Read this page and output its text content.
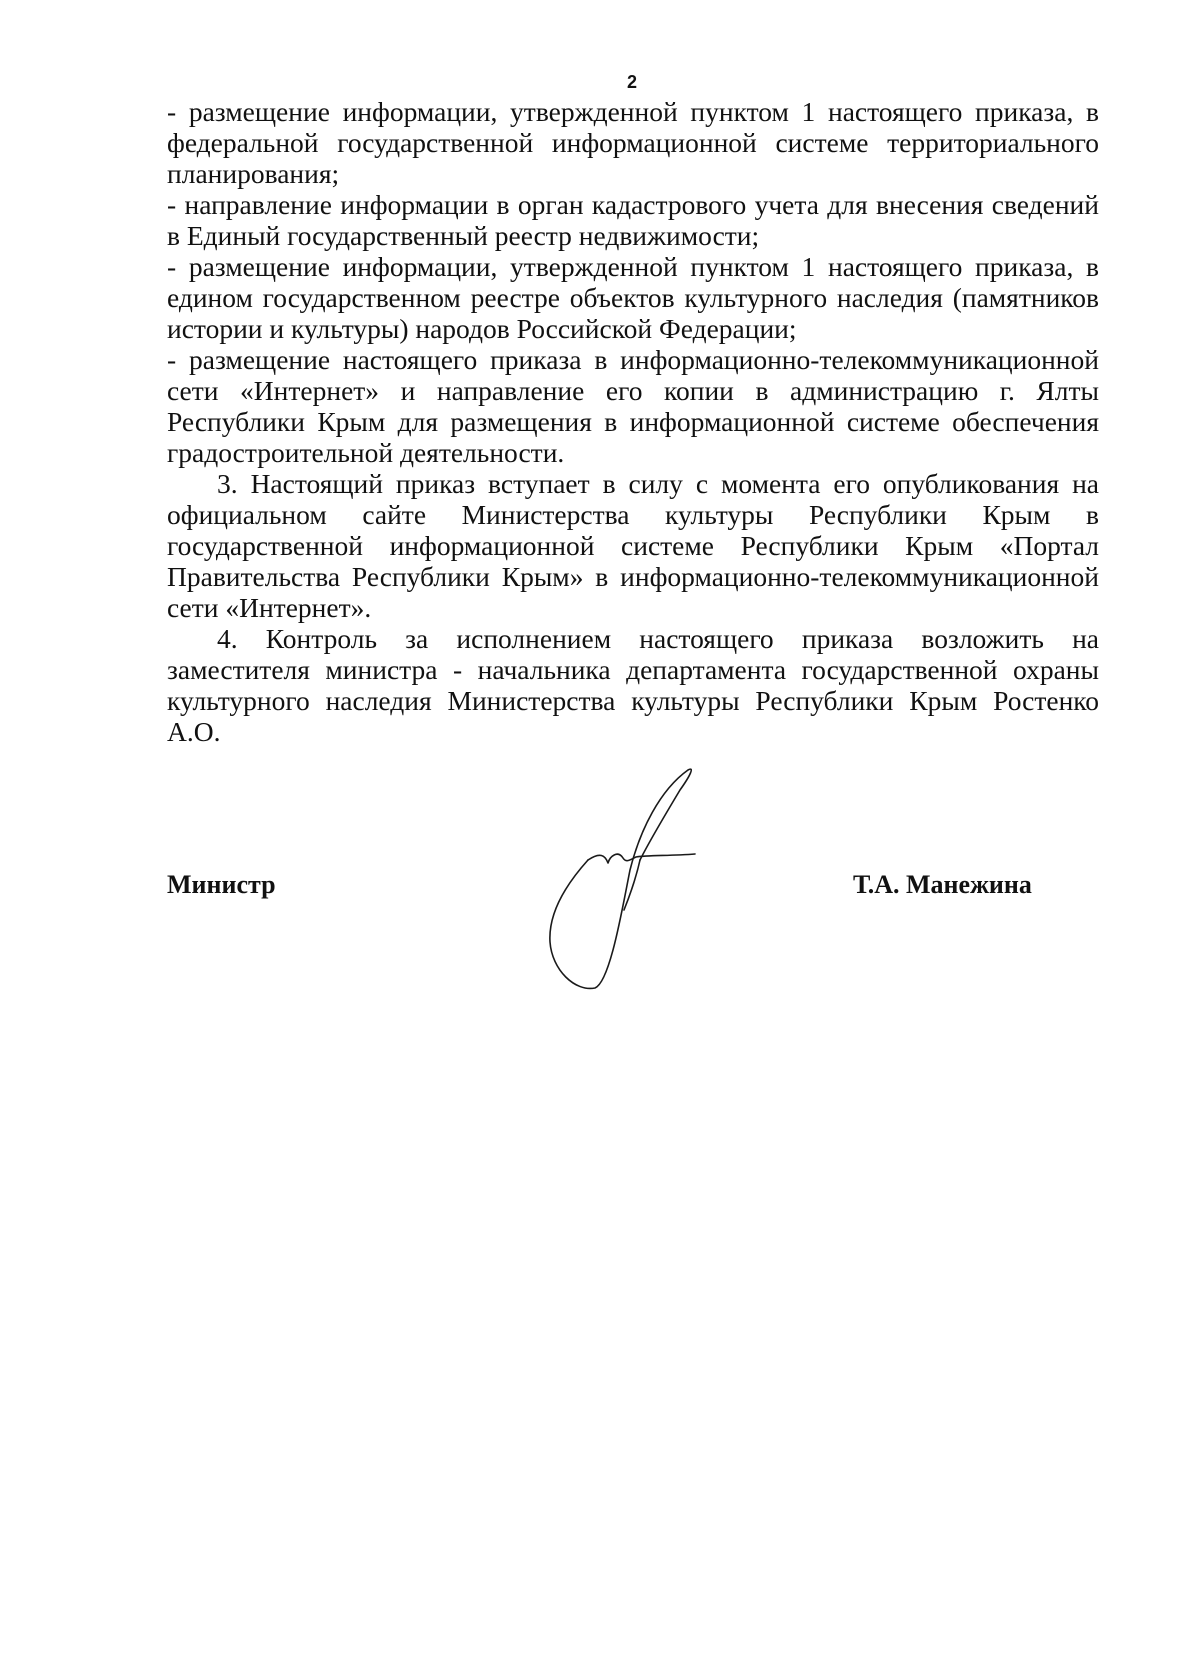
2

- размещение информации, утвержденной пунктом 1 настоящего приказа, в федеральной государственной информационной системе территориального планирования;

- направление информации в орган кадастрового учета для внесения сведений в Единый государственный реестр недвижимости;

- размещение информации, утвержденной пунктом 1 настоящего приказа, в едином государственном реестре объектов культурного наследия (памятников истории и культуры) народов Российской Федерации;

- размещение настоящего приказа в информационно-телекоммуникационной сети «Интернет» и направление его копии в администрацию г. Ялты Республики Крым для размещения в информационной системе обеспечения градостроительной деятельности.

3. Настоящий приказ вступает в силу с момента его опубликования на официальном сайте Министерства культуры Республики Крым в государственной информационной системе Республики Крым «Портал Правительства Республики Крым» в информационно-телекоммуникационной сети «Интернет».

4. Контроль за исполнением настоящего приказа возложить на заместителя министра - начальника департамента государственной охраны культурного наследия Министерства культуры Республики Крым Ростенко А.О.

Министр	Т.А. Манежина
